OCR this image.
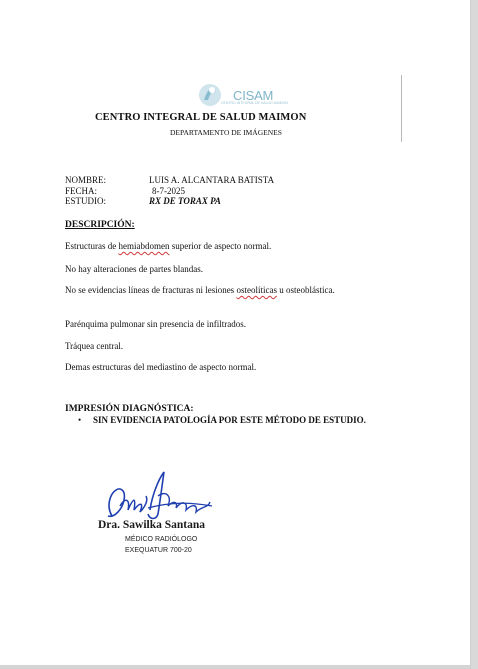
CISAM
CENTRO INTEGRAL DE SALUD MAIMON
CENTRO INTEGRAL DE SALUD MAIMON
DEPARTAMENTO DE IMÁGENES
NOMBRE:	LUIS A. ALCANTARA BATISTA
FECHA:	8-7-2025
ESTUDIO:	RX DE TORAX PA
DESCRIPCIÓN:
Estructuras de hemiabdomen superior de aspecto normal.
No hay alteraciones de partes blandas.
No se evidencias líneas de fracturas ni lesiones osteolíticas u osteoblástica.
Parénquima pulmonar sin presencia de infiltrados.
Tráquea central.
Demas estructuras del mediastino de aspecto normal.
IMPRESIÓN DIAGNÓSTICA:
• SIN EVIDENCIA PATOLOGÍA POR ESTE MÉTODO DE ESTUDIO.
Dra. Sawilka Santana
MÉDICO RADIÓLOGO
EXEQUATUR 700-20
